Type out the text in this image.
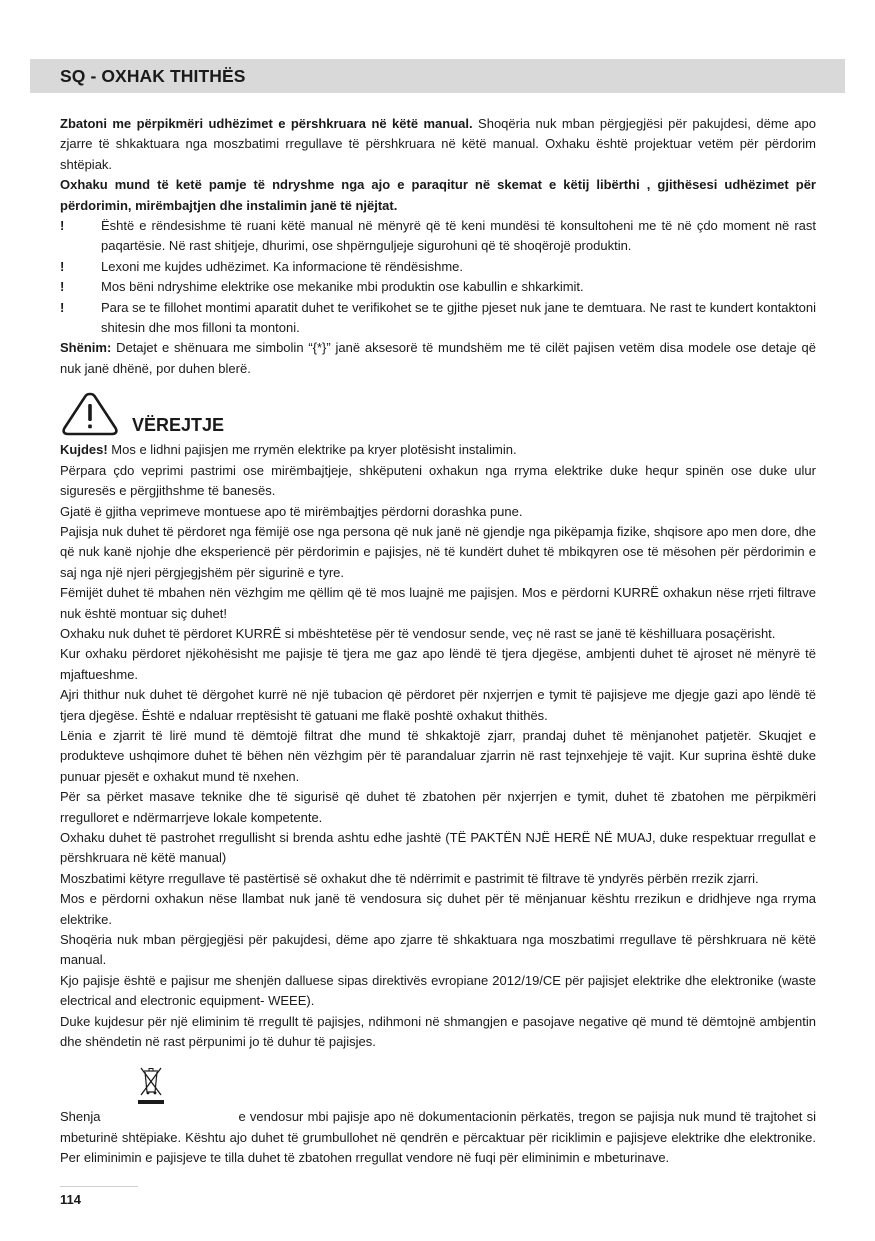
SQ - OXHAK THITHËS

Zbatoni me përpikmëri udhëzimet e përshkruara në këtë manual. Shoqëria nuk mban përgjegjësi për pakujdesi, dëme apo zjarre të shkaktuara nga moszbatimi rregullave të përshkruara në këtë manual. Oxhaku është projektuar vetëm për përdorim shtëpiak.

Oxhaku mund të ketë pamje të ndryshme nga ajo e paraqitur në skemat e këtij libërthi , gjithësesi udhëzimet për përdorimin, mirëmbajtjen dhe instalimin janë të njëjtat.

!	Është e rëndesishme të ruani këtë manual në mënyrë që të keni mundësi të konsultoheni me të në çdo moment në rast paqartësie. Në rast shitjeje, dhurimi, ose shpërnguljeje sigurohuni që të shoqërojë produktin.
!	Lexoni me kujdes udhëzimet. Ka informacione të rëndësishme.
!	Mos bëni ndryshime elektrike ose mekanike mbi produktin ose kabullin e shkarkimit.
!	Para se te fillohet montimi aparatit duhet te verifikohet se te gjithe pjeset nuk jane te demtuara. Ne rast te kundert kontaktoni shitesin dhe mos filloni ta montoni.

Shënim: Detajet e shënuara me simbolin “{*}” janë aksesorë të mundshëm me të cilët pajisen vetëm disa modele ose detaje që nuk janë dhënë, por duhen blerë.

VËREJTJE

Kujdes! Mos e lidhni pajisjen me rrymën elektrike pa kryer plotësisht instalimin.

Përpara çdo veprimi pastrimi ose mirëmbajtjeje, shkëputeni oxhakun nga rryma elektrike duke hequr spinën ose duke ulur siguresës e përgjithshme të banesës.

Gjatë ë gjitha veprimeve montuese apo të mirëmbajtjes përdorni dorashka pune.

Pajisja nuk duhet të përdoret nga fëmijë ose nga persona që nuk janë në gjendje nga pikëpamja fizike, shqisore apo men dore, dhe që nuk kanë njohje dhe eksperiencë për përdorimin e pajisjes, në të kundërt duhet të mbikqyren ose të mësohen për përdorimin e saj nga një njeri përgjegjshëm për sigurinë e tyre.

Fëmijët duhet të mbahen nën vëzhgim me qëllim që të mos luajnë me pajisjen. Mos e përdorni KURRË oxhakun nëse rrjeti filtrave nuk është montuar siç duhet!

Oxhaku nuk duhet të përdoret KURRË si mbështetëse për të vendosur sende, veç në rast se janë të këshilluara posaçërisht.

Kur oxhaku përdoret njëkohësisht me pajisje të tjera me gaz apo lëndë të tjera djegëse, ambjenti duhet të ajroset në mënyrë të mjaftueshme.

Ajri thithur nuk duhet të dërgohet kurrë në një tubacion që përdoret për nxjerrjen e tymit të pajisjeve me djegje gazi apo lëndë të tjera djegëse. Është e ndaluar rreptësisht të gatuani me flakë poshtë oxhakut thithës.

Lënia e zjarrit të lirë mund të dëmtojë filtrat dhe mund të shkaktojë zjarr, prandaj duhet të mënjanohet patjetër. Skuqjet e produkteve ushqimore duhet të bëhen nën vëzhgim për të parandaluar zjarrin në rast tejnxehjeje të vajit. Kur suprina është duke punuar pjesët e oxhakut mund të nxehen.

Për sa përket masave teknike dhe të sigurisë që duhet të zbatohen për nxjerrjen e tymit, duhet të zbatohen me përpikmëri rregulloret e ndërmarrjeve lokale kompetente.

Oxhaku duhet të pastrohet rregullisht si brenda ashtu edhe jashtë (TË PAKTËN NJË HERË NË MUAJ, duke respektuar rregullat e përshkruara në këtë manual)

Moszbatimi këtyre rregullave të pastërtisë së oxhakut dhe të ndërrimit e pastrimit të filtrave të yndyrës përbën rrezik zjarri.

Mos e përdorni oxhakun nëse llambat nuk janë të vendosura siç duhet për të mënjanuar kështu rrezikun e dridhjeve nga rryma elektrike.

Shoqëria nuk mban përgjegjësi për pakujdesi, dëme apo zjarre të shkaktuara nga moszbatimi rregullave të përshkruara në këtë manual.

Kjo pajisje është e pajisur me shenjën dalluese sipas direktivës evropiane 2012/19/CE për pajisjet elektrike dhe elektronike (waste electrical and electronic equipment- WEEE).

Duke kujdesur për një eliminim të rregullt të pajisjes, ndihmoni në shmangjen e pasojave negative që mund të dëmtojnë ambjentin dhe shëndetin në rast përpunimi jo të duhur të pajisjes.

Shenja	e vendosur mbi pajisje apo në dokumentacionin përkatës, tregon se pajisja nuk mund të trajtohet si mbeturinë shtëpiake. Kështu ajo duhet të grumbullohet në qendrën e përcaktuar për riciklimin e pajisjeve elektrike dhe elektronike. Per eliminimin e pajisjeve te tilla duhet të zbatohen rregullat vendore në fuqi për eliminimin e mbeturinave.

114
